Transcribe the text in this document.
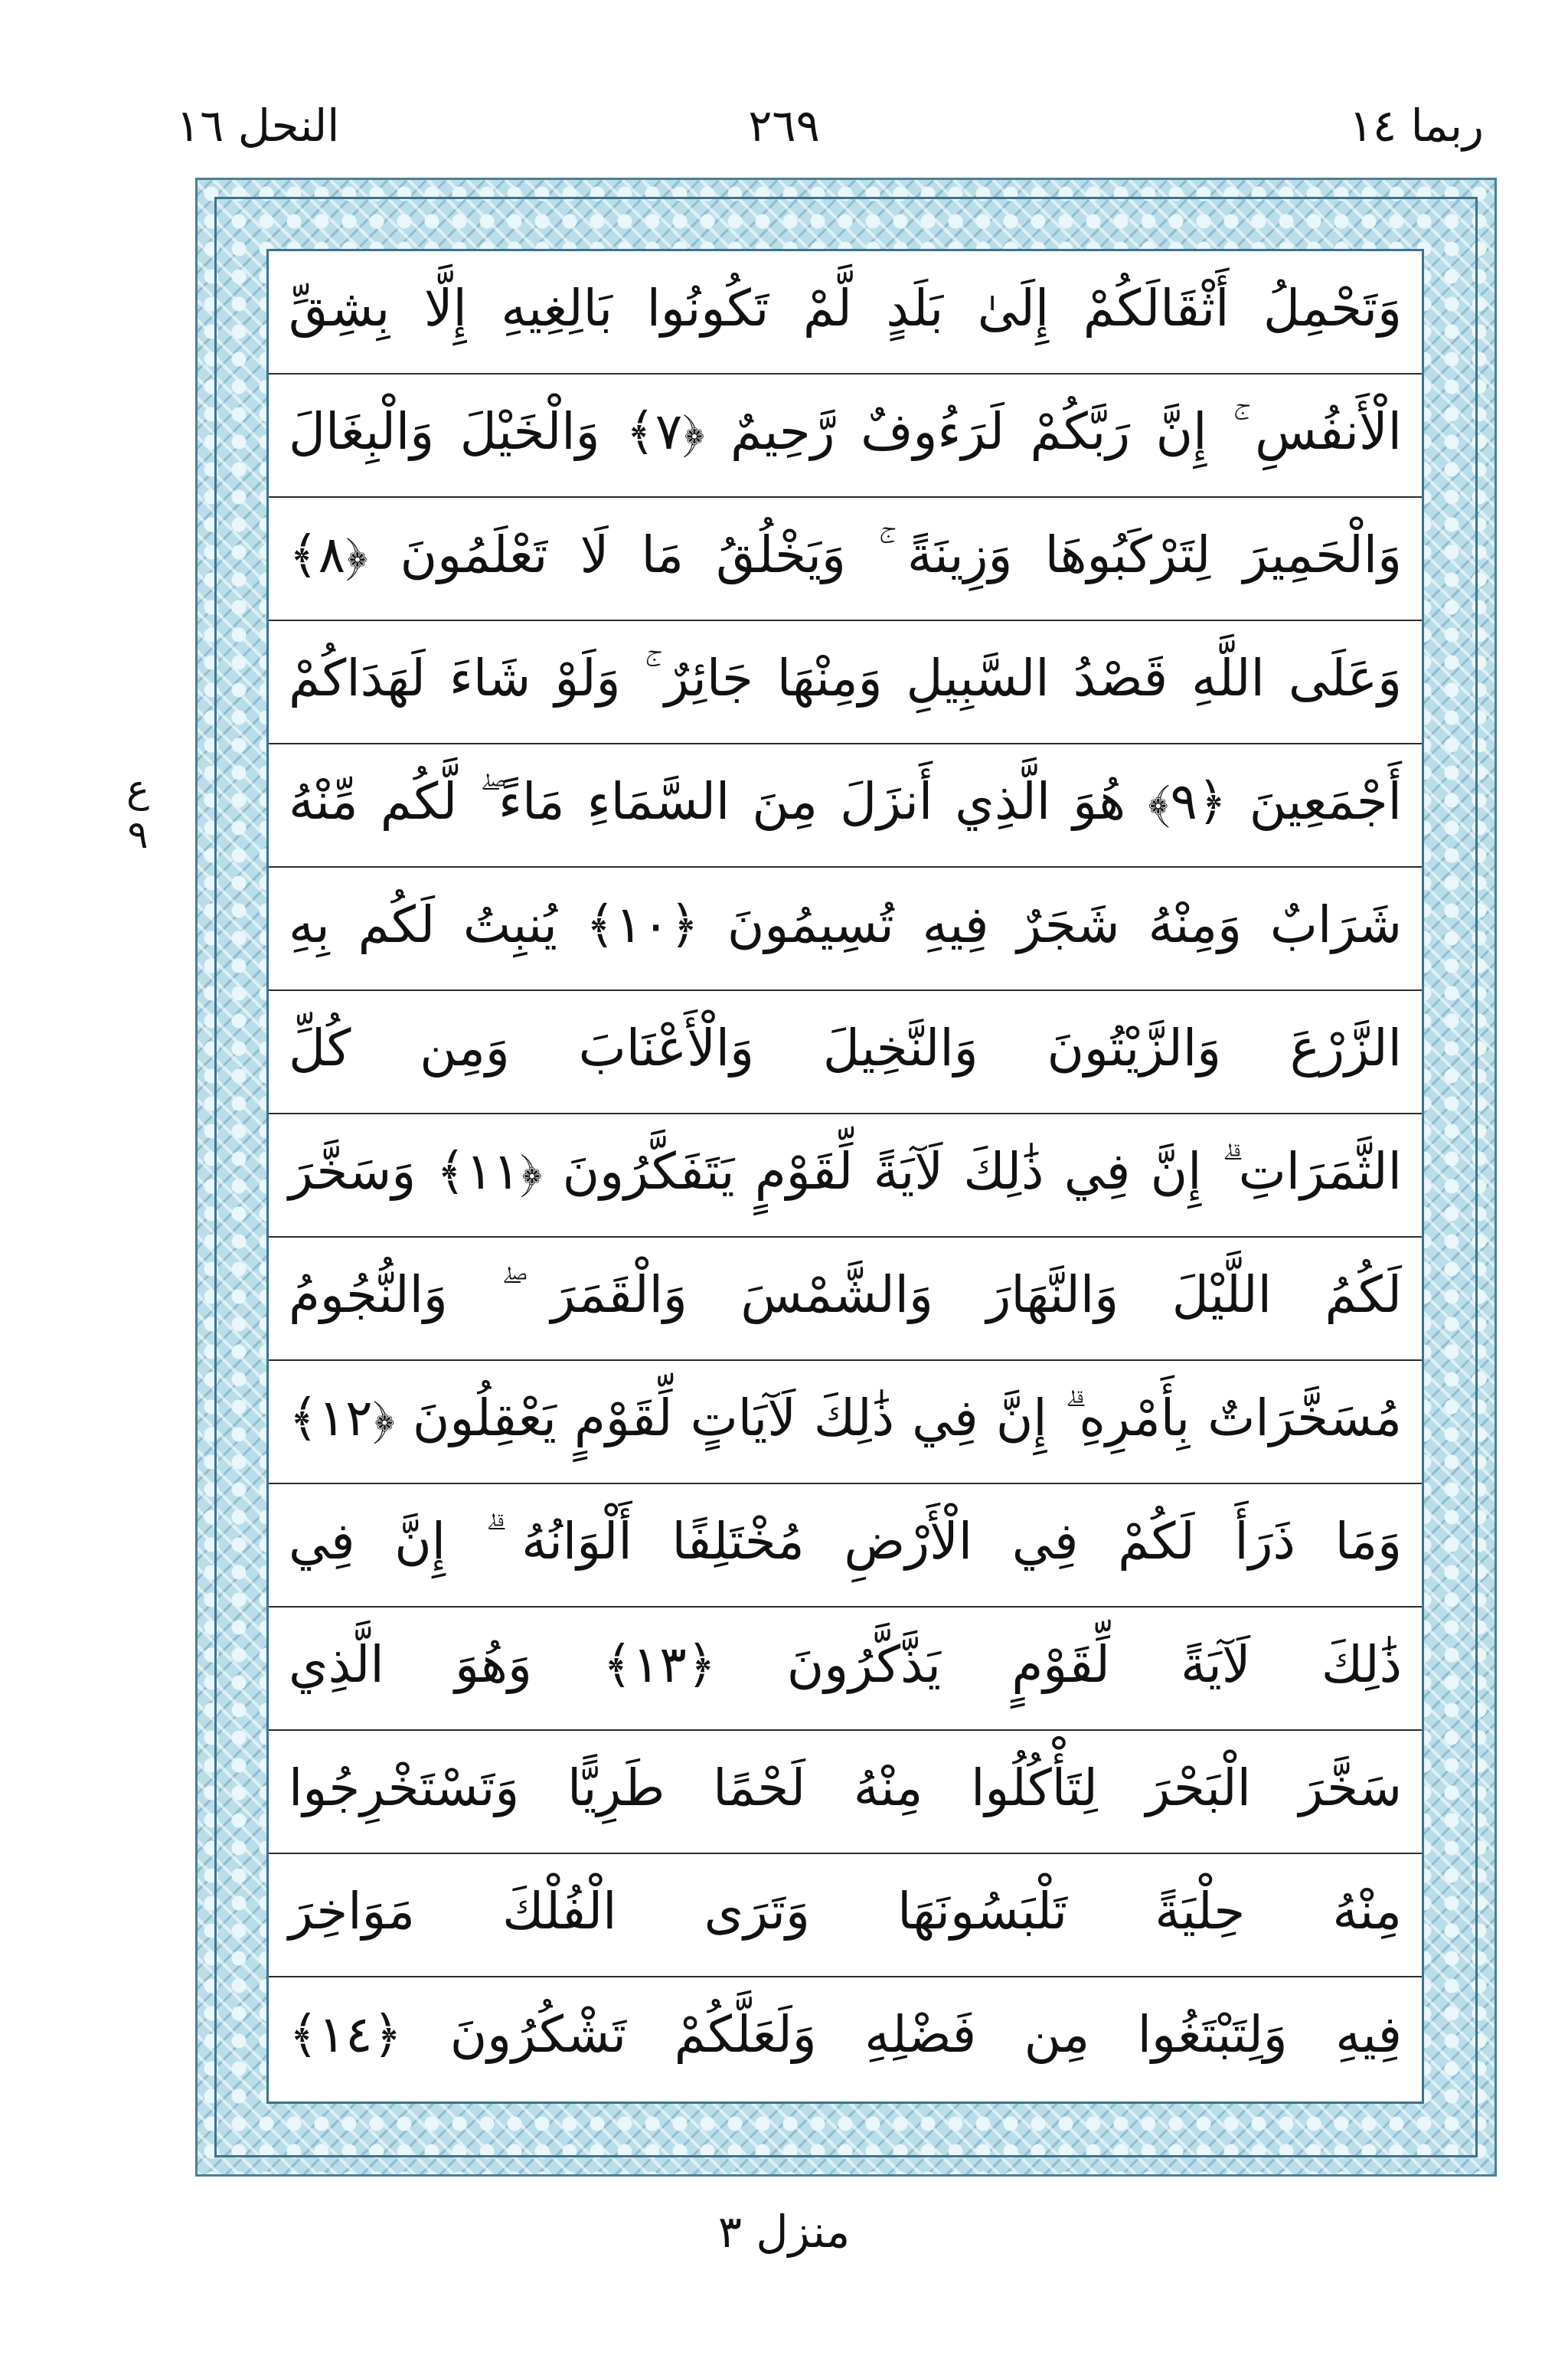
ربما ١٤
٢٦٩
النحل ١٦
وَتَحْمِلُ أَثْقَالَكُمْ إِلَىٰ بَلَدٍ لَّمْ تَكُونُوا بَالِغِيهِ إِلَّا بِشِقِّ
الْأَنفُسِ ۚ إِنَّ رَبَّكُمْ لَرَءُوفٌ رَّحِيمٌ ﴿٧﴾ وَالْخَيْلَ وَالْبِغَالَ
وَالْحَمِيرَ لِتَرْكَبُوهَا وَزِينَةً ۚ وَيَخْلُقُ مَا لَا تَعْلَمُونَ ﴿٨﴾
وَعَلَى اللَّهِ قَصْدُ السَّبِيلِ وَمِنْهَا جَائِرٌ ۚ وَلَوْ شَاءَ لَهَدَاكُمْ
أَجْمَعِينَ ﴿٩﴾ هُوَ الَّذِي أَنزَلَ مِنَ السَّمَاءِ مَاءً ۖ لَّكُم مِّنْهُ
شَرَابٌ وَمِنْهُ شَجَرٌ فِيهِ تُسِيمُونَ ﴿١٠﴾ يُنبِتُ لَكُم بِهِ
الزَّرْعَ وَالزَّيْتُونَ وَالنَّخِيلَ وَالْأَعْنَابَ وَمِن كُلِّ
الثَّمَرَاتِ ۗ إِنَّ فِي ذَٰلِكَ لَآيَةً لِّقَوْمٍ يَتَفَكَّرُونَ ﴿١١﴾ وَسَخَّرَ
لَكُمُ اللَّيْلَ وَالنَّهَارَ وَالشَّمْسَ وَالْقَمَرَ ۖ وَالنُّجُومُ
مُسَخَّرَاتٌ بِأَمْرِهِ ۗ إِنَّ فِي ذَٰلِكَ لَآيَاتٍ لِّقَوْمٍ يَعْقِلُونَ ﴿١٢﴾
وَمَا ذَرَأَ لَكُمْ فِي الْأَرْضِ مُخْتَلِفًا أَلْوَانُهُ ۗ إِنَّ فِي
ذَٰلِكَ لَآيَةً لِّقَوْمٍ يَذَّكَّرُونَ ﴿١٣﴾ وَهُوَ الَّذِي
سَخَّرَ الْبَحْرَ لِتَأْكُلُوا مِنْهُ لَحْمًا طَرِيًّا وَتَسْتَخْرِجُوا
مِنْهُ حِلْيَةً تَلْبَسُونَهَا وَتَرَى الْفُلْكَ مَوَاخِرَ
فِيهِ وَلِتَبْتَغُوا مِن فَضْلِهِ وَلَعَلَّكُمْ تَشْكُرُونَ ﴿١٤﴾
ع ٩
منزل ٣
